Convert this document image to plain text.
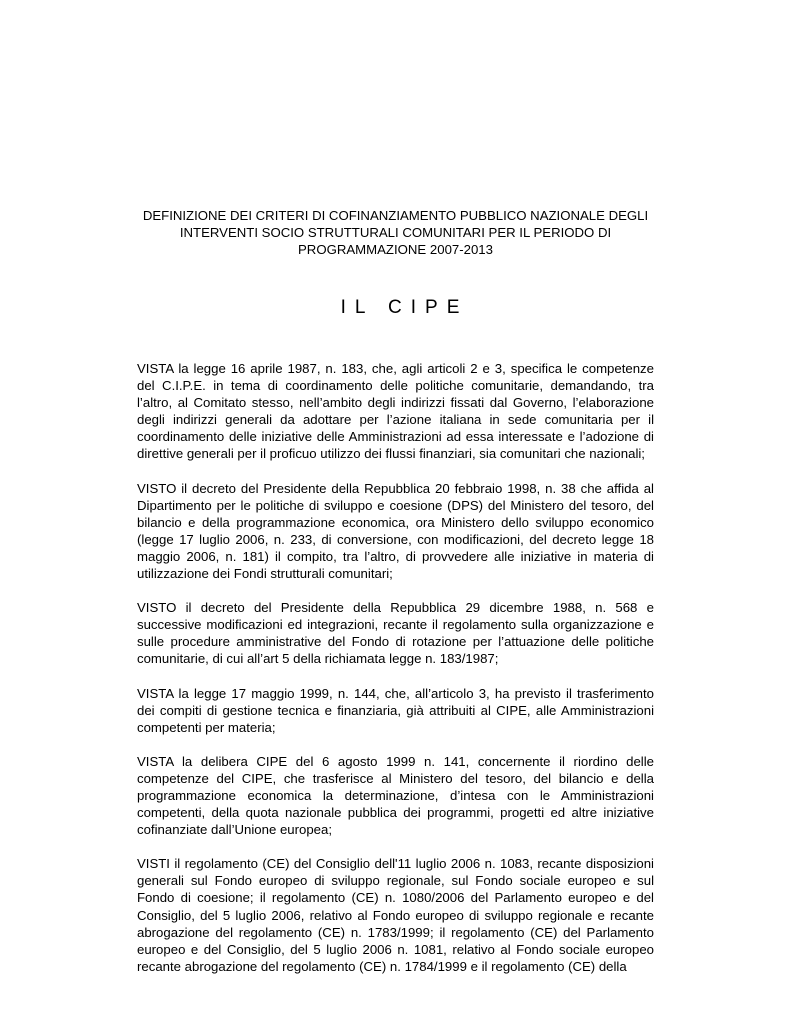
DEFINIZIONE DEI CRITERI DI COFINANZIAMENTO PUBBLICO NAZIONALE DEGLI
INTERVENTI SOCIO STRUTTURALI COMUNITARI PER IL PERIODO DI
PROGRAMMAZIONE 2007-2013
IL CIPE

VISTA la legge 16 aprile 1987, n. 183, che, agli articoli 2 e 3, specifica le competenze del C.I.P.E. in tema di coordinamento delle politiche comunitarie, demandando, tra l’altro, al Comitato stesso, nell’ambito degli indirizzi fissati dal Governo, l’elaborazione degli indirizzi generali da adottare per l’azione italiana in sede comunitaria per il coordinamento delle iniziative delle Amministrazioni ad essa interessate e l’adozione di direttive generali per il proficuo utilizzo dei flussi finanziari, sia comunitari che nazionali;

VISTO il decreto del Presidente della Repubblica 20 febbraio 1998, n. 38 che affida al Dipartimento per le politiche di sviluppo e coesione (DPS) del Ministero del tesoro, del bilancio e della programmazione economica, ora Ministero dello sviluppo economico (legge 17 luglio 2006, n. 233, di conversione, con modificazioni, del decreto legge 18 maggio 2006, n. 181) il compito, tra l’altro, di provvedere alle iniziative in materia di utilizzazione dei Fondi strutturali comunitari;

VISTO il decreto del Presidente della Repubblica 29 dicembre 1988, n. 568 e successive modificazioni ed integrazioni, recante il regolamento sulla organizzazione e sulle procedure amministrative del Fondo di rotazione per l’attuazione delle politiche comunitarie, di cui all’art 5 della richiamata legge n. 183/1987;

VISTA la legge 17 maggio 1999, n. 144, che, all’articolo 3, ha previsto il trasferimento dei compiti di gestione tecnica e finanziaria, già attribuiti al CIPE, alle Amministrazioni competenti per materia;

VISTA la delibera CIPE del 6 agosto 1999 n. 141, concernente il riordino delle competenze del CIPE, che trasferisce al Ministero del tesoro, del bilancio e della programmazione economica la determinazione, d’intesa con le Amministrazioni competenti, della quota nazionale pubblica dei programmi, progetti ed altre iniziative cofinanziate dall’Unione europea;

VISTI il regolamento (CE) del Consiglio dell'11 luglio 2006 n. 1083, recante disposizioni generali sul Fondo europeo di sviluppo regionale, sul Fondo sociale europeo e sul Fondo di coesione; il regolamento (CE) n. 1080/2006 del Parlamento europeo e del Consiglio, del 5 luglio 2006, relativo al Fondo europeo di sviluppo regionale e recante abrogazione del regolamento (CE) n. 1783/1999; il regolamento (CE) del Parlamento europeo e del Consiglio, del 5 luglio 2006 n. 1081, relativo al Fondo sociale europeo recante abrogazione del regolamento (CE) n. 1784/1999 e il regolamento (CE) della
